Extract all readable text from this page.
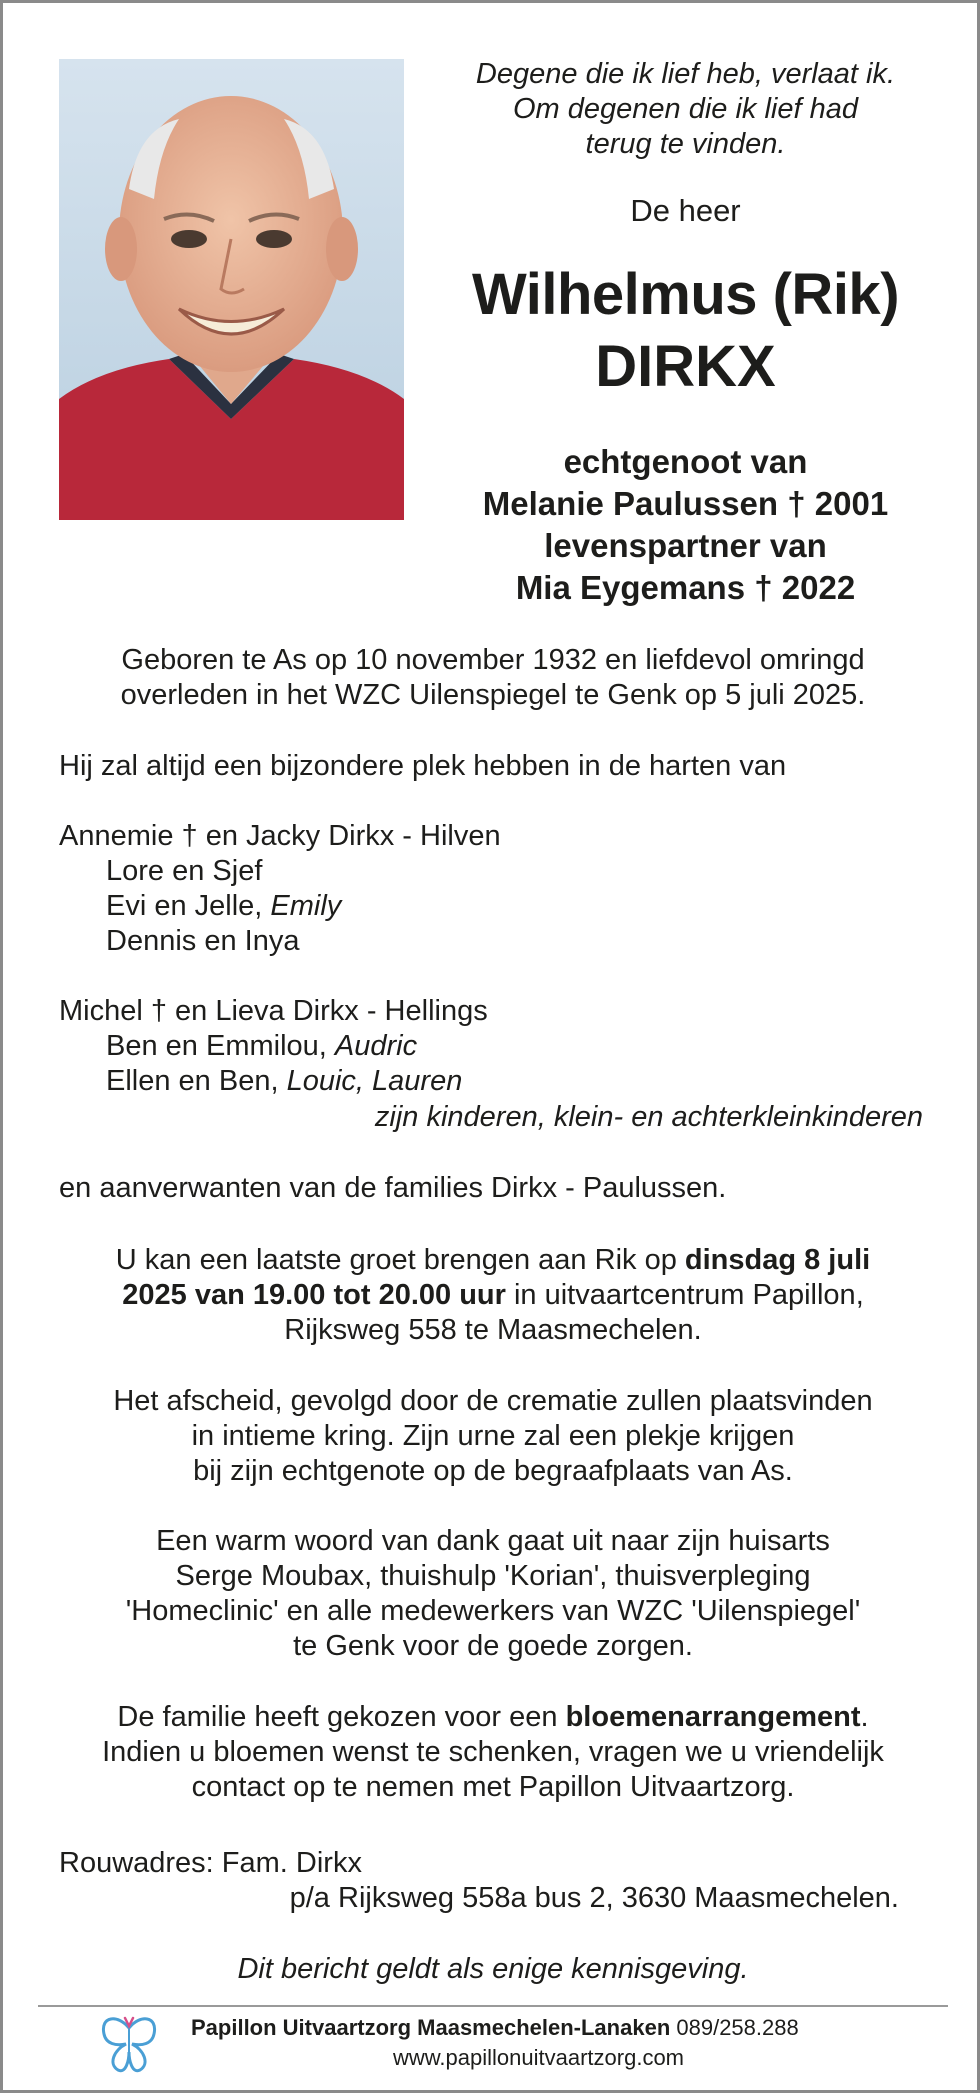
Degene die ik lief heb, verlaat ik.
Om degenen die ik lief had
terug te vinden.
De heer
Wilhelmus (Rik)
DIRKX
echtgenoot van
Melanie Paulussen † 2001
levenspartner van
Mia Eygemans † 2022
Geboren te As op 10 november 1932 en liefdevol omringd
overleden in het WZC Uilenspiegel te Genk op 5 juli 2025.
Hij zal altijd een bijzondere plek hebben in de harten van
Annemie † en Jacky Dirkx - Hilven
Lore en Sjef
Evi en Jelle, Emily
Dennis en Inya
Michel † en Lieva Dirkx - Hellings
Ben en Emmilou, Audric
Ellen en Ben, Louic, Lauren
zijn kinderen, klein- en achterkleinkinderen
en aanverwanten van de families Dirkx - Paulussen.
U kan een laatste groet brengen aan Rik op dinsdag 8 juli
2025 van 19.00 tot 20.00 uur in uitvaartcentrum Papillon,
Rijksweg 558 te Maasmechelen.
Het afscheid, gevolgd door de crematie zullen plaatsvinden
in intieme kring. Zijn urne zal een plekje krijgen
bij zijn echtgenote op de begraafplaats van As.
Een warm woord van dank gaat uit naar zijn huisarts
Serge Moubax, thuishulp 'Korian', thuisverpleging
'Homeclinic' en alle medewerkers van WZC 'Uilenspiegel'
te Genk voor de goede zorgen.
De familie heeft gekozen voor een bloemenarrangement.
Indien u bloemen wenst te schenken, vragen we u vriendelijk
contact op te nemen met Papillon Uitvaartzorg.
Rouwadres: Fam. Dirkx
p/a Rijksweg 558a bus 2, 3630 Maasmechelen.
Dit bericht geldt als enige kennisgeving.
Papillon Uitvaartzorg Maasmechelen-Lanaken 089/258.288
www.papillonuitvaartzorg.com
